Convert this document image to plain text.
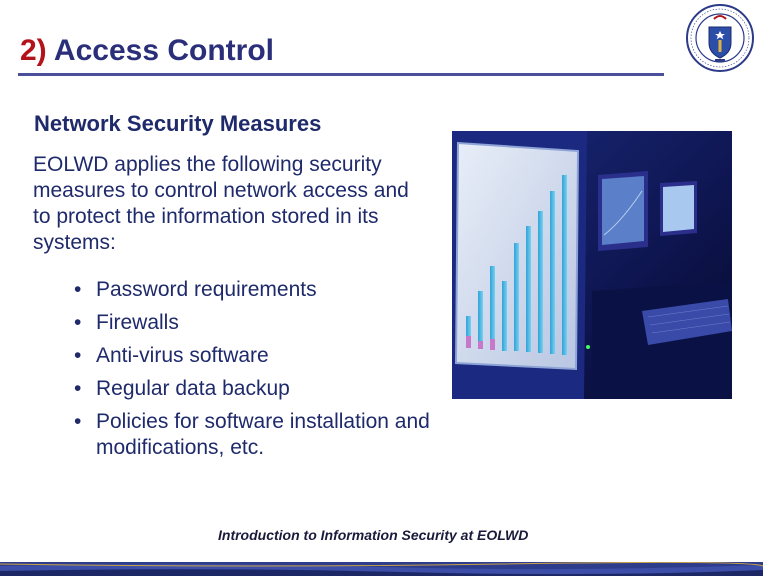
2) Access Control
Network Security Measures
EOLWD applies the following security measures to control network access and to protect the information stored in its systems:
• Password requirements
• Firewalls
• Anti-virus software
• Regular data backup
• Policies for software installation and modifications, etc.
Introduction to Information Security at EOLWD
